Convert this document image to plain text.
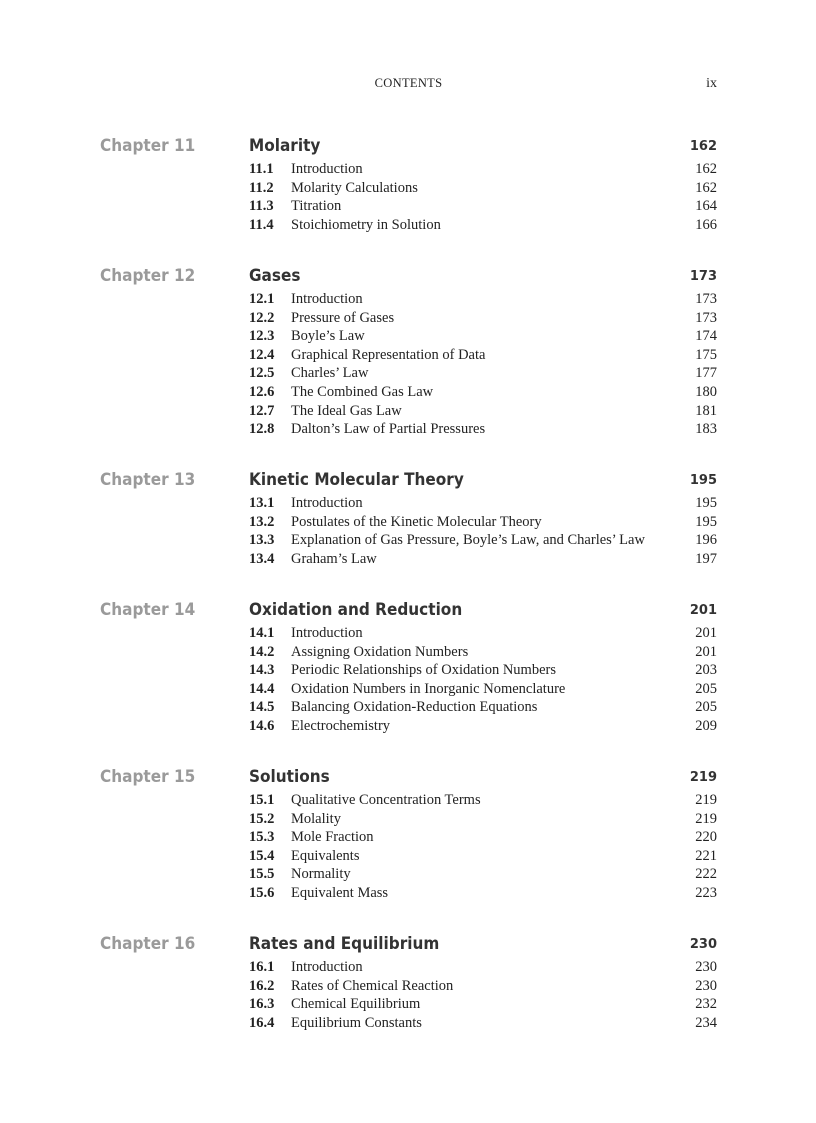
CONTENTS	ix
Chapter 11	Molarity	162
11.1 Introduction	162
11.2 Molarity Calculations	162
11.3 Titration	164
11.4 Stoichiometry in Solution	166
Chapter 12	Gases	173
12.1 Introduction	173
12.2 Pressure of Gases	173
12.3 Boyle’s Law	174
12.4 Graphical Representation of Data	175
12.5 Charles’ Law	177
12.6 The Combined Gas Law	180
12.7 The Ideal Gas Law	181
12.8 Dalton’s Law of Partial Pressures	183
Chapter 13	Kinetic Molecular Theory	195
13.1 Introduction	195
13.2 Postulates of the Kinetic Molecular Theory	195
13.3 Explanation of Gas Pressure, Boyle’s Law, and Charles’ Law	196
13.4 Graham’s Law	197
Chapter 14	Oxidation and Reduction	201
14.1 Introduction	201
14.2 Assigning Oxidation Numbers	201
14.3 Periodic Relationships of Oxidation Numbers	203
14.4 Oxidation Numbers in Inorganic Nomenclature	205
14.5 Balancing Oxidation-Reduction Equations	205
14.6 Electrochemistry	209
Chapter 15	Solutions	219
15.1 Qualitative Concentration Terms	219
15.2 Molality	219
15.3 Mole Fraction	220
15.4 Equivalents	221
15.5 Normality	222
15.6 Equivalent Mass	223
Chapter 16	Rates and Equilibrium	230
16.1 Introduction	230
16.2 Rates of Chemical Reaction	230
16.3 Chemical Equilibrium	232
16.4 Equilibrium Constants	234
